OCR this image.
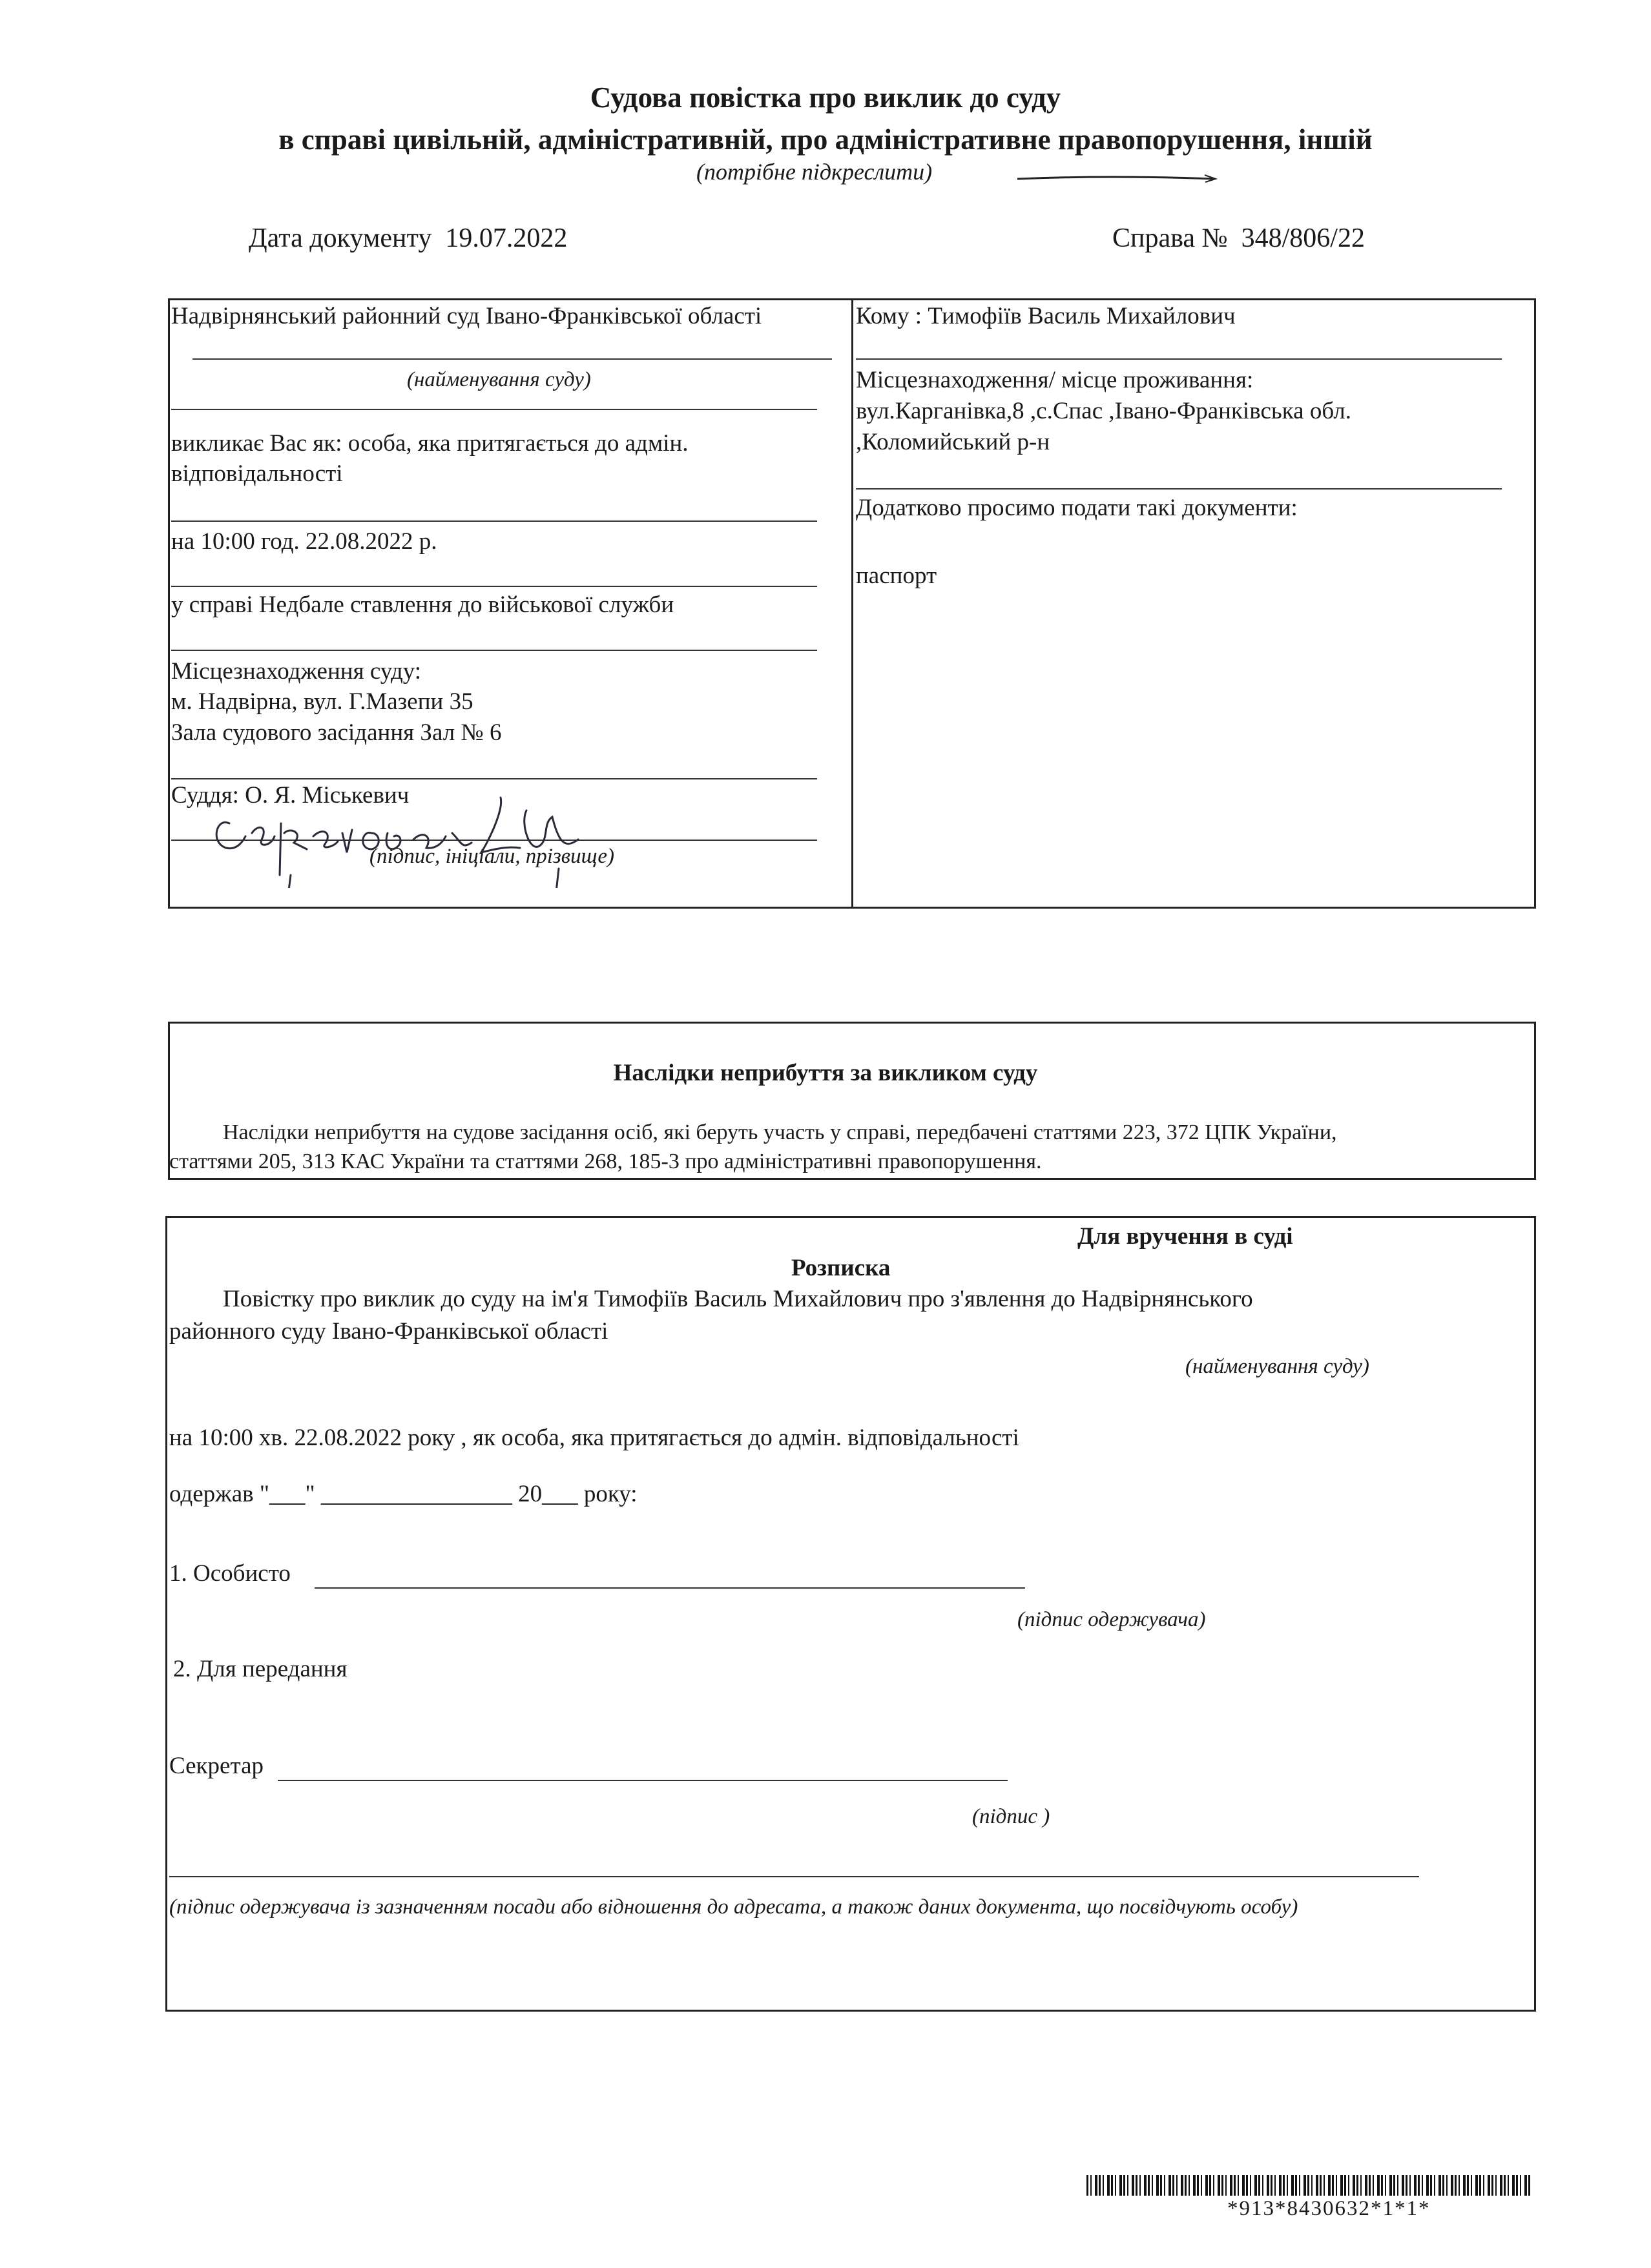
Судова повістка про виклик до суду
в справі цивільній, адміністративній, про адміністративне правопорушення, іншій
(потрібне підкреслити)
Дата документу 19.07.2022	Справа № 348/806/22
Надвірнянський районний суд Івано-Франківської області
(найменування суду)
викликає Вас як: особа, яка притягається до адмін.
відповідальності
на 10:00 год. 22.08.2022 р.
у справі Недбале ставлення до військової служби
Місцезнаходження суду:
м. Надвірна, вул. Г.Мазепи 35
Зала судового засідання Зал № 6
Суддя: О. Я. Міськевич
(підпис, ініціали, прізвище)
Кому : Тимофіїв Василь Михайлович
Місцезнаходження/ місце проживання:
вул.Карганівка,8 ,с.Спас ,Івано-Франківська обл.
,Коломийський р-н
Додатково просимо подати такі документи:
паспорт
Наслідки неприбуття за викликом суду
Наслідки неприбуття на судове засідання осіб, які беруть участь у справі, передбачені статтями 223, 372 ЦПК України,
статтями 205, 313 КАС України та статтями 268, 185-3 про адміністративні правопорушення.
Для вручення в суді
Розписка
Повістку про виклик до суду на ім'я Тимофіїв Василь Михайлович про з'явлення до Надвірнянського
районного суду Івано-Франківської області
(найменування суду)
на 10:00 хв. 22.08.2022 року , як особа, яка притягається до адмін. відповідальності
одержав "___" ________________ 20___ року:
1. Особисто
(підпис одержувача)
2. Для передання
Секретар
(підпис )
(підпис одержувача із зазначенням посади або відношення до адресата, а також даних документа, що посвідчують особу)
*913*8430632*1*1*
